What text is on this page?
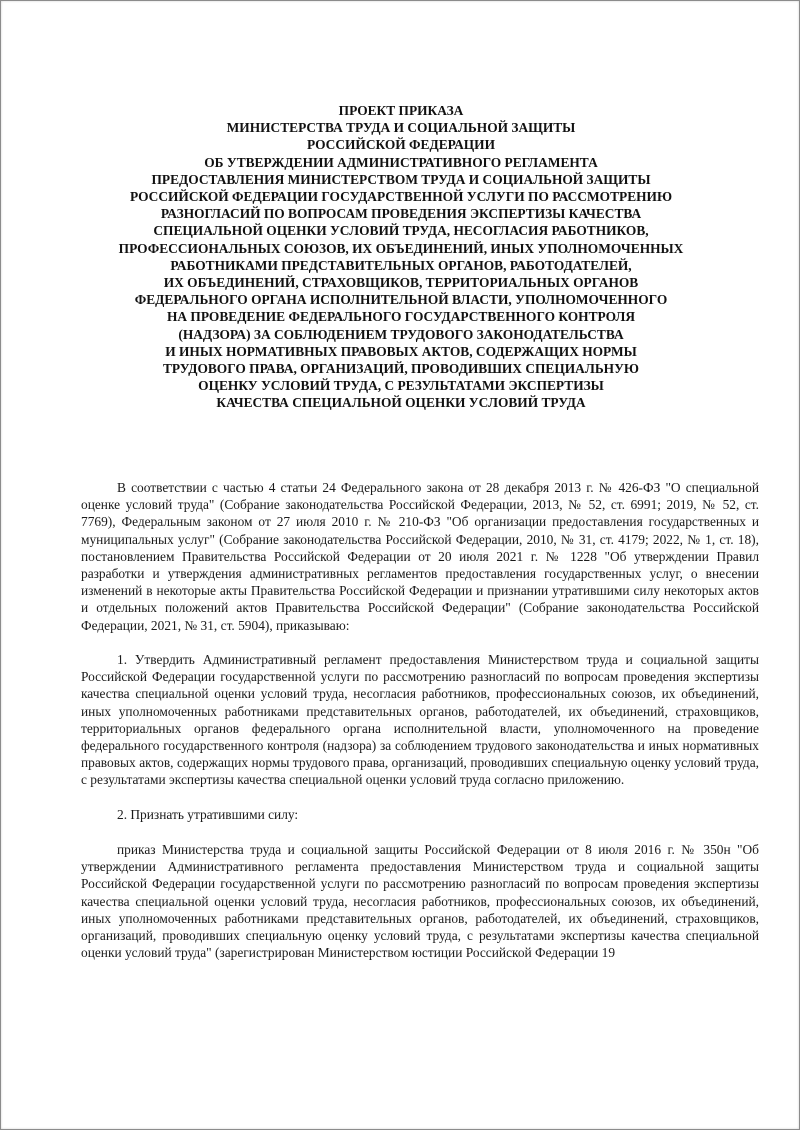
ПРОЕКТ ПРИКАЗА
МИНИСТЕРСТВА ТРУДА И СОЦИАЛЬНОЙ ЗАЩИТЫ
РОССИЙСКОЙ ФЕДЕРАЦИИ
ОБ УТВЕРЖДЕНИИ АДМИНИСТРАТИВНОГО РЕГЛАМЕНТА
ПРЕДОСТАВЛЕНИЯ МИНИСТЕРСТВОМ ТРУДА И СОЦИАЛЬНОЙ ЗАЩИТЫ
РОССИЙСКОЙ ФЕДЕРАЦИИ ГОСУДАРСТВЕННОЙ УСЛУГИ ПО РАССМОТРЕНИЮ
РАЗНОГЛАСИЙ ПО ВОПРОСАМ ПРОВЕДЕНИЯ ЭКСПЕРТИЗЫ КАЧЕСТВА
СПЕЦИАЛЬНОЙ ОЦЕНКИ УСЛОВИЙ ТРУДА, НЕСОГЛАСИЯ РАБОТНИКОВ,
ПРОФЕССИОНАЛЬНЫХ СОЮЗОВ, ИХ ОБЪЕДИНЕНИЙ, ИНЫХ УПОЛНОМОЧЕННЫХ
РАБОТНИКАМИ ПРЕДСТАВИТЕЛЬНЫХ ОРГАНОВ, РАБОТОДАТЕЛЕЙ,
ИХ ОБЪЕДИНЕНИЙ, СТРАХОВЩИКОВ, ТЕРРИТОРИАЛЬНЫХ ОРГАНОВ
ФЕДЕРАЛЬНОГО ОРГАНА ИСПОЛНИТЕЛЬНОЙ ВЛАСТИ, УПОЛНОМОЧЕННОГО
НА ПРОВЕДЕНИЕ ФЕДЕРАЛЬНОГО ГОСУДАРСТВЕННОГО КОНТРОЛЯ
(НАДЗОРА) ЗА СОБЛЮДЕНИЕМ ТРУДОВОГО ЗАКОНОДАТЕЛЬСТВА
И ИНЫХ НОРМАТИВНЫХ ПРАВОВЫХ АКТОВ, СОДЕРЖАЩИХ НОРМЫ
ТРУДОВОГО ПРАВА, ОРГАНИЗАЦИЙ, ПРОВОДИВШИХ СПЕЦИАЛЬНУЮ
ОЦЕНКУ УСЛОВИЙ ТРУДА, С РЕЗУЛЬТАТАМИ ЭКСПЕРТИЗЫ
КАЧЕСТВА СПЕЦИАЛЬНОЙ ОЦЕНКИ УСЛОВИЙ ТРУДА

В соответствии с частью 4 статьи 24 Федерального закона от 28 декабря 2013 г. № 426-ФЗ "О специальной оценке условий труда" (Собрание законодательства Российской Федерации, 2013, № 52, ст. 6991; 2019, № 52, ст. 7769), Федеральным законом от 27 июля 2010 г. № 210-ФЗ "Об организации предоставления государственных и муниципальных услуг" (Собрание законодательства Российской Федерации, 2010, № 31, ст. 4179; 2022, № 1, ст. 18), постановлением Правительства Российской Федерации от 20 июля 2021 г. № 1228 "Об утверждении Правил разработки и утверждения административных регламентов предоставления государственных услуг, о внесении изменений в некоторые акты Правительства Российской Федерации и признании утратившими силу некоторых актов и отдельных положений актов Правительства Российской Федерации" (Собрание законодательства Российской Федерации, 2021, № 31, ст. 5904), приказываю:

1. Утвердить Административный регламент предоставления Министерством труда и социальной защиты Российской Федерации государственной услуги по рассмотрению разногласий по вопросам проведения экспертизы качества специальной оценки условий труда, несогласия работников, профессиональных союзов, их объединений, иных уполномоченных работниками представительных органов, работодателей, их объединений, страховщиков, территориальных органов федерального органа исполнительной власти, уполномоченного на проведение федерального государственного контроля (надзора) за соблюдением трудового законодательства и иных нормативных правовых актов, содержащих нормы трудового права, организаций, проводивших специальную оценку условий труда, с результатами экспертизы качества специальной оценки условий труда согласно приложению.

2. Признать утратившими силу:

приказ Министерства труда и социальной защиты Российской Федерации от 8 июля 2016 г. № 350н "Об утверждении Административного регламента предоставления Министерством труда и социальной защиты Российской Федерации государственной услуги по рассмотрению разногласий по вопросам проведения экспертизы качества специальной оценки условий труда, несогласия работников, профессиональных союзов, их объединений, иных уполномоченных работниками представительных органов, работодателей, их объединений, страховщиков, организаций, проводивших специальную оценку условий труда, с результатами экспертизы качества специальной оценки условий труда" (зарегистрирован Министерством юстиции Российской Федерации 19
